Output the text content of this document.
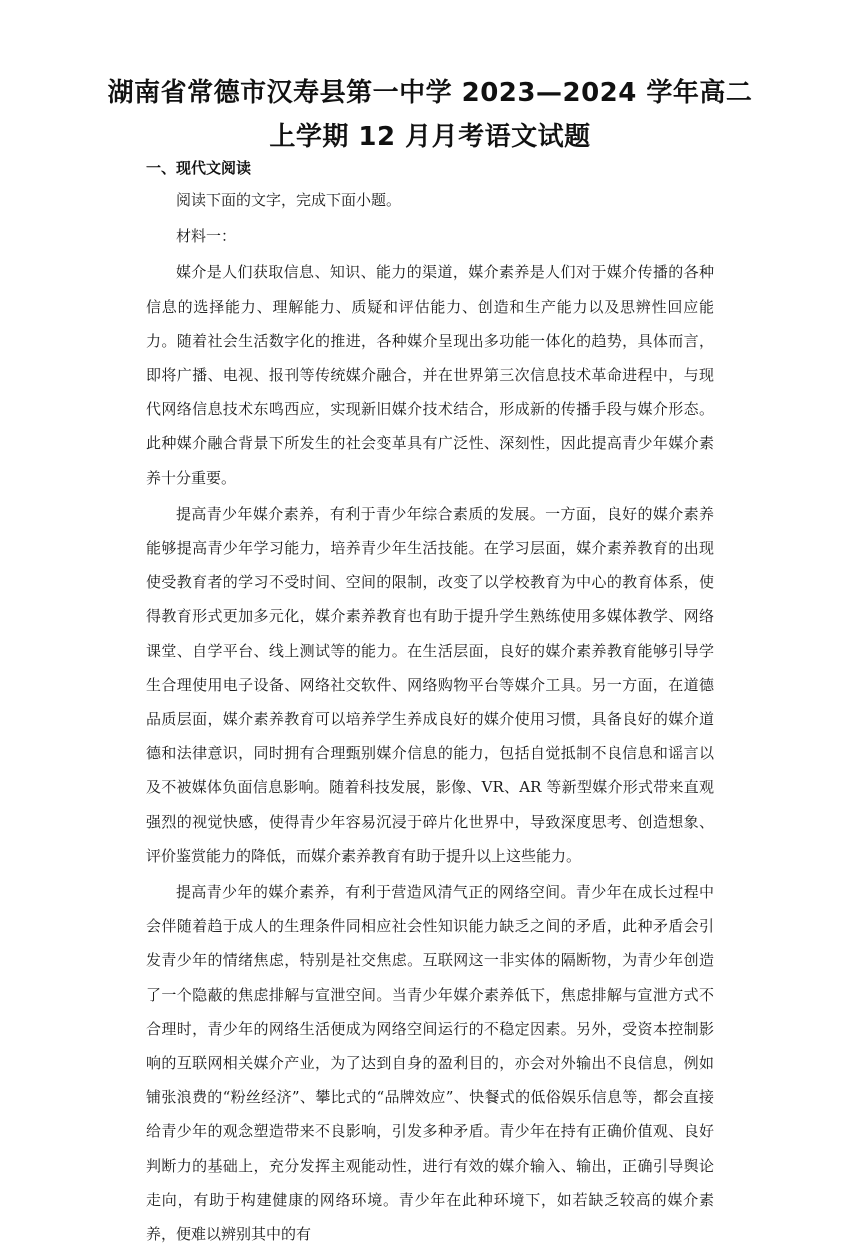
湖南省常德市汉寿县第一中学 2023—2024 学年高二
上学期 12 月月考语文试题
一、现代文阅读

阅读下面的文字，完成下面小题。

材料一：

媒介是人们获取信息、知识、能力的渠道，媒介素养是人们对于媒介传播的各种信息的选择能力、理解能力、质疑和评估能力、创造和生产能力以及思辨性回应能力。随着社会生活数字化的推进，各种媒介呈现出多功能一体化的趋势，具体而言，即将广播、电视、报刊等传统媒介融合，并在世界第三次信息技术革命进程中，与现代网络信息技术东鸣西应，实现新旧媒介技术结合，形成新的传播手段与媒介形态。此种媒介融合背景下所发生的社会变革具有广泛性、深刻性，因此提高青少年媒介素养十分重要。

提高青少年媒介素养，有利于青少年综合素质的发展。一方面，良好的媒介素养能够提高青少年学习能力，培养青少年生活技能。在学习层面，媒介素养教育的出现使受教育者的学习不受时间、空间的限制，改变了以学校教育为中心的教育体系，使得教育形式更加多元化，媒介素养教育也有助于提升学生熟练使用多媒体教学、网络课堂、自学平台、线上测试等的能力。在生活层面，良好的媒介素养教育能够引导学生合理使用电子设备、网络社交软件、网络购物平台等媒介工具。另一方面，在道德品质层面，媒介素养教育可以培养学生养成良好的媒介使用习惯，具备良好的媒介道德和法律意识，同时拥有合理甄别媒介信息的能力，包括自觉抵制不良信息和谣言以及不被媒体负面信息影响。随着科技发展，影像、VR、AR 等新型媒介形式带来直观强烈的视觉快感，使得青少年容易沉浸于碎片化世界中，导致深度思考、创造想象、评价鉴赏能力的降低，而媒介素养教育有助于提升以上这些能力。

提高青少年的媒介素养，有利于营造风清气正的网络空间。青少年在成长过程中会伴随着趋于成人的生理条件同相应社会性知识能力缺乏之间的矛盾，此种矛盾会引发青少年的情绪焦虑，特别是社交焦虑。互联网这一非实体的隔断物，为青少年创造了一个隐蔽的焦虑排解与宣泄空间。当青少年媒介素养低下，焦虑排解与宣泄方式不合理时，青少年的网络生活便成为网络空间运行的不稳定因素。另外，受资本控制影响的互联网相关媒介产业，为了达到自身的盈利目的，亦会对外输出不良信息，例如铺张浪费的“粉丝经济”、攀比式的“品牌效应”、快餐式的低俗娱乐信息等，都会直接给青少年的观念塑造带来不良影响，引发多种矛盾。青少年在持有正确价值观、良好判断力的基础上，充分发挥主观能动性，进行有效的媒介输入、输出，正确引导舆论走向，有助于构建健康的网络环境。青少年在此种环境下，如若缺乏较高的媒介素养，便难以辨别其中的有
